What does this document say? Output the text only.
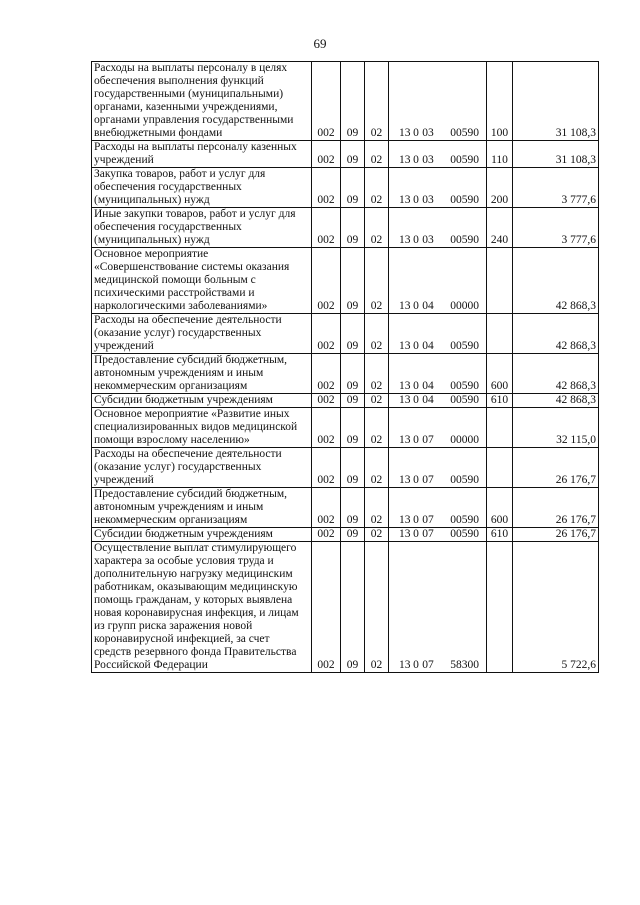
69
Расходы на выплаты персоналу в целях обеспечения выполнения функций государственными (муниципальными) органами, казенными учреждениями, органами управления государственными внебюджетными фондами	002	09	02	13 0 03 00590	100	31 108,3
Расходы на выплаты персоналу казенных учреждений	002	09	02	13 0 03 00590	110	31 108,3
Закупка товаров, работ и услуг для обеспечения государственных (муниципальных) нужд	002	09	02	13 0 03 00590	200	3 777,6
Иные закупки товаров, работ и услуг для обеспечения государственных (муниципальных) нужд	002	09	02	13 0 03 00590	240	3 777,6
Основное мероприятие «Совершенствование системы оказания медицинской помощи больным с психическими расстройствами и наркологическими заболеваниями»	002	09	02	13 0 04 00000		42 868,3
Расходы на обеспечение деятельности (оказание услуг) государственных учреждений	002	09	02	13 0 04 00590		42 868,3
Предоставление субсидий бюджетным, автономным учреждениям и иным некоммерческим организациям	002	09	02	13 0 04 00590	600	42 868,3
Субсидии бюджетным учреждениям	002	09	02	13 0 04 00590	610	42 868,3
Основное мероприятие «Развитие иных специализированных видов медицинской помощи взрослому населению»	002	09	02	13 0 07 00000		32 115,0
Расходы на обеспечение деятельности (оказание услуг) государственных учреждений	002	09	02	13 0 07 00590		26 176,7
Предоставление субсидий бюджетным, автономным учреждениям и иным некоммерческим организациям	002	09	02	13 0 07 00590	600	26 176,7
Субсидии бюджетным учреждениям	002	09	02	13 0 07 00590	610	26 176,7
Осуществление выплат стимулирующего характера за особые условия труда и дополнительную нагрузку медицинским работникам, оказывающим медицинскую помощь гражданам, у которых выявлена новая коронавирусная инфекция, и лицам из групп риска заражения новой коронавирусной инфекцией, за счет средств резервного фонда Правительства Российской Федерации	002	09	02	13 0 07 58300		5 722,6
